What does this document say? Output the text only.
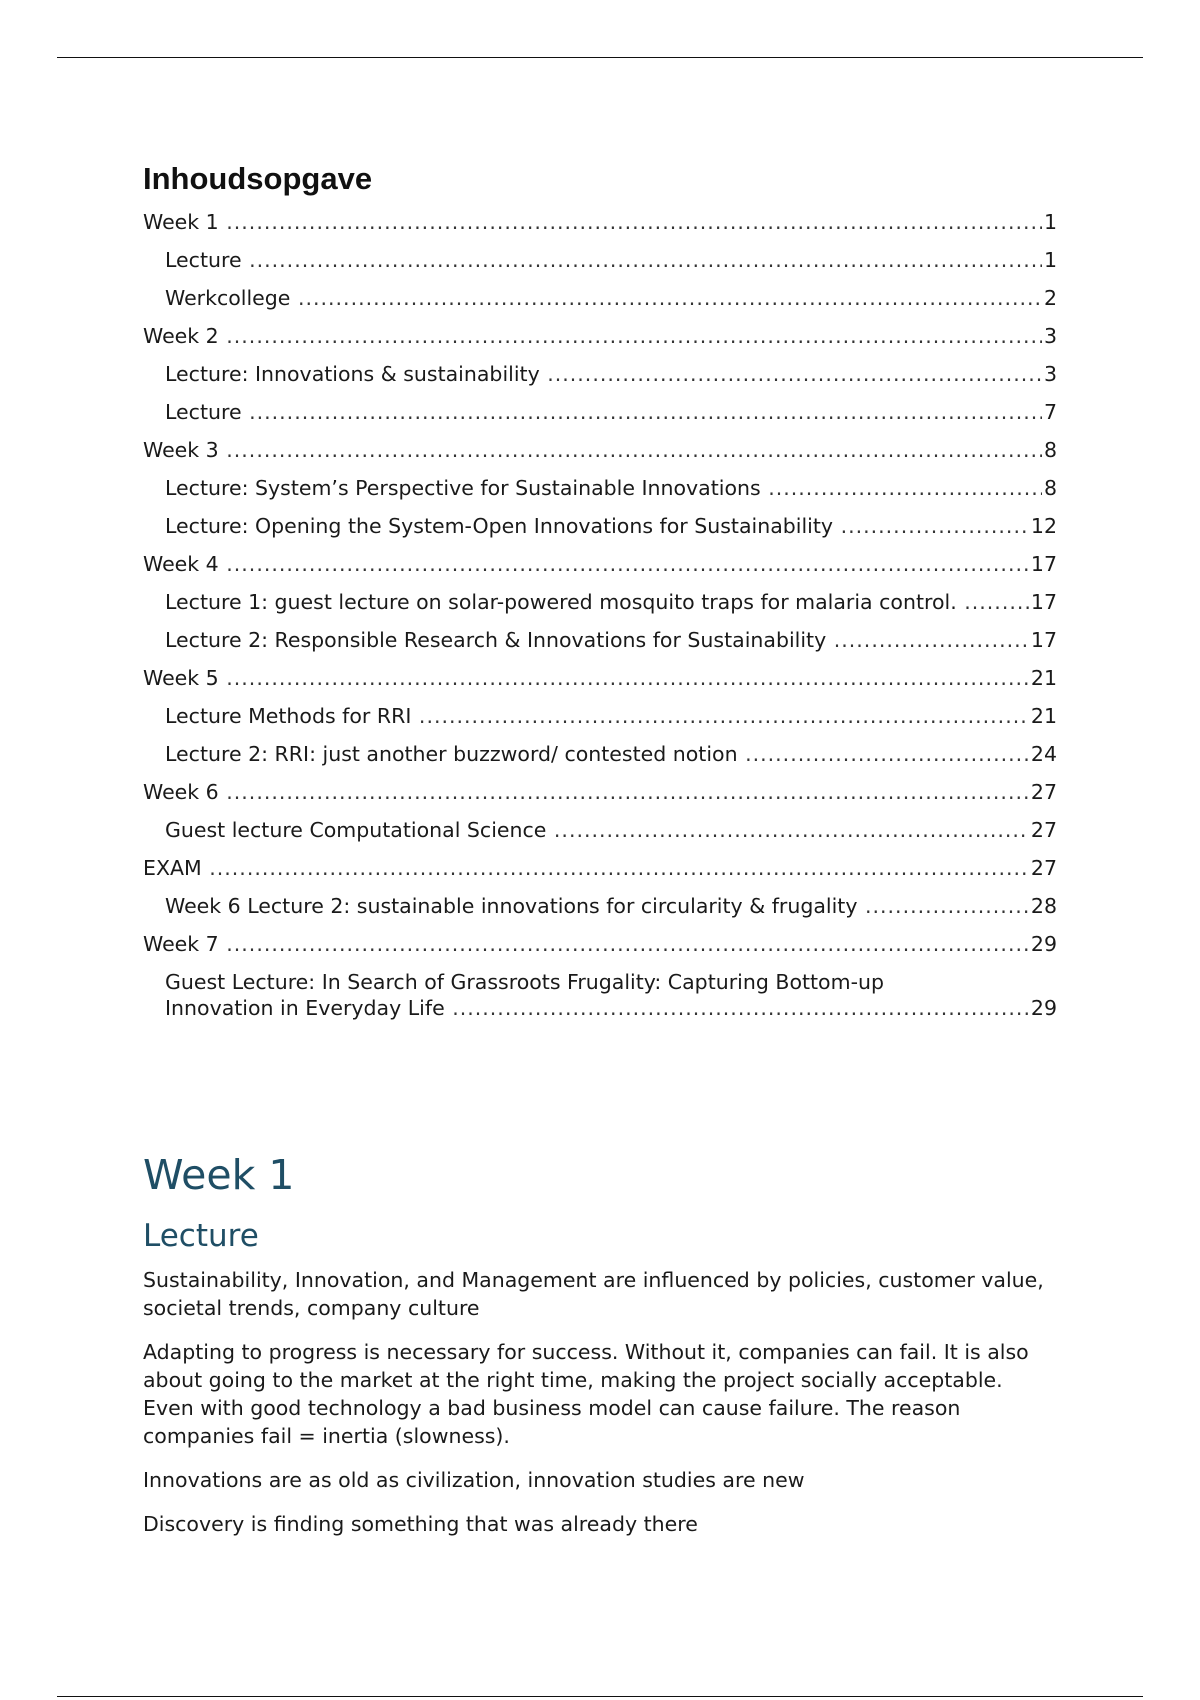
Inhoudsopgave
Week 1 .....	1
Lecture .....	1
Werkcollege .....	2
Week 2 .....	3
Lecture: Innovations & sustainability .....	3
Lecture .....	7
Week 3 .....	8
Lecture: System’s Perspective for Sustainable Innovations .....	8
Lecture: Opening the System-Open Innovations for Sustainability .....	12
Week 4 .....	17
Lecture 1: guest lecture on solar-powered mosquito traps for malaria control. .....	17
Lecture 2: Responsible Research & Innovations for Sustainability .....	17
Week 5 .....	21
Lecture Methods for RRI .....	21
Lecture 2: RRI: just another buzzword/ contested notion .....	24
Week 6 .....	27
Guest lecture Computational Science .....	27
EXAM .....	27
Week 6 Lecture 2: sustainable innovations for circularity & frugality .....	28
Week 7 .....	29
Guest Lecture: In Search of Grassroots Frugality: Capturing Bottom-up
Innovation in Everyday Life .....	29
Week 1
Lecture

Sustainability, Innovation, and Management are influenced by policies, customer value, societal trends, company culture

Adapting to progress is necessary for success. Without it, companies can fail. It is also about going to the market at the right time, making the project socially acceptable. Even with good technology a bad business model can cause failure. The reason companies fail = inertia (slowness).

Innovations are as old as civilization, innovation studies are new

Discovery is finding something that was already there
